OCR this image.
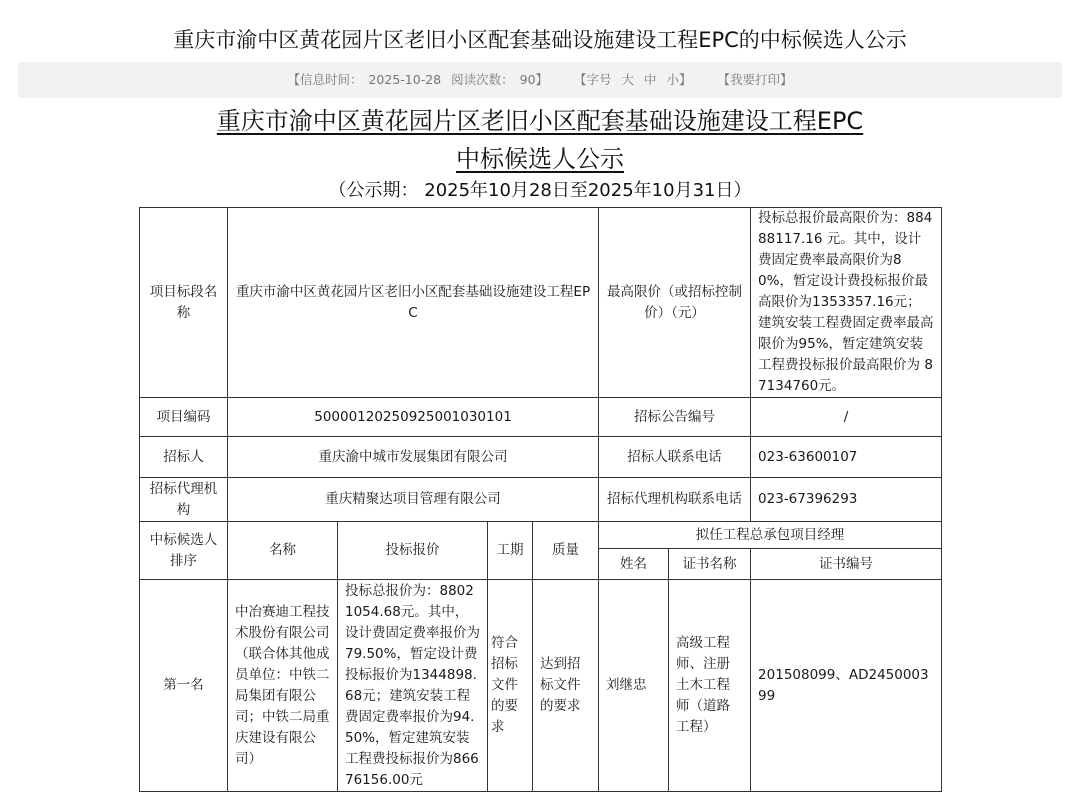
重庆市渝中区黄花园片区老旧小区配套基础设施建设工程EPC的中标候选人公示
【信息时间： 2025-10-28 阅读次数： 90】 【字号 大 中 小】 【我要打印】
重庆市渝中区黄花园片区老旧小区配套基础设施建设工程EPC
中标候选人公示
（公示期： 2025年10月28日至2025年10月31日）
项目标段名称	重庆市渝中区黄花园片区老旧小区配套基础设施建设工程EPC				最高限价（或招标控制价）（元）		投标总报价最高限价为：88488117.16 元。其中，设计费固定费率最高限价为80%，暂定设计费投标报价最高限价为1353357.16元；建筑安装工程费固定费率最高限价为95%，暂定建筑安装工程费投标报价最高限价为 87134760元。
项目编码	500001202509250010301​01				招标公告编号		/
招标人	重庆渝中城市发展集团有限公司				招标人联系电话		023-63600107
招标代理机构	重庆精聚达项目管理有限公司				招标代理机构联系电话		023-67396293
中标候选人排序	名称	投标报价	工期	质量	拟任工程总承包项目经理		
					姓名	证书名称	证书编号
第一名	中冶赛迪工程技术股份有限公司（联合体其他成员单位：中铁二局集团有限公司；中铁二局重庆建设有限公司）	投标总报价为：88021054.68元。其中，设计费固定费率报价为79.50%，暂定设计费投标报价为1344898.68元；建筑安装工程费固定费率报价为94.50%，暂定建筑安装工程费投标报价为86676156.00元	符合招标文件的要求	达到招标文件的要求	刘继忠	高级工程师、注册土木工程师（道路工程）	201508099、AD245000399
